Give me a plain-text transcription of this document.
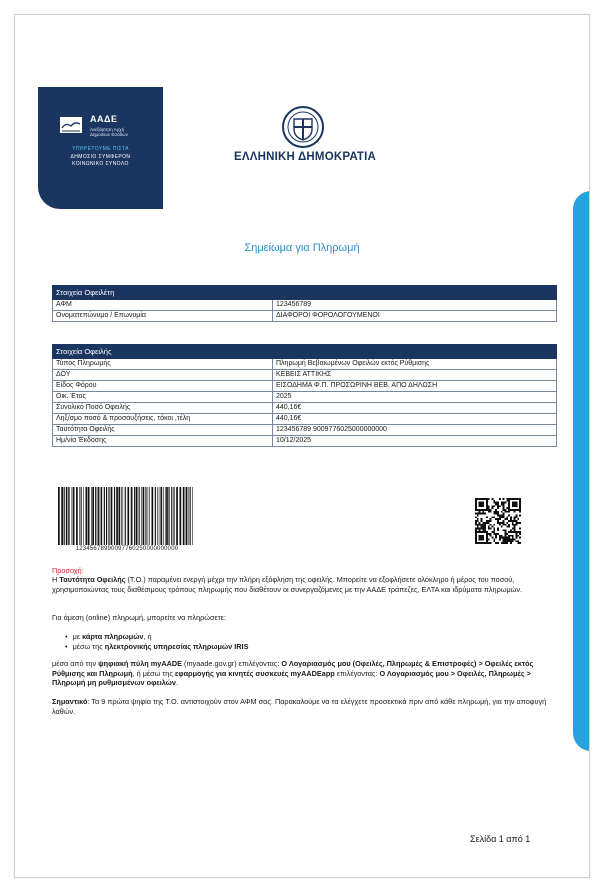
ΑΑΔΕ
Ανεξάρτητη Αρχή
Δημοσίων Εσόδων
ΥΠΗΡΕΤΟΥΜΕ ΠΙΣΤΑ
ΔΗΜΟΣΙΟ ΣΥΜΦΕΡΟΝ
ΚΟΙΝΩΝΙΚΟ ΣΥΝΟΛΟ
ΕΛΛΗΝΙΚΗ ΔΗΜΟΚΡΑΤΙΑ
Σημείωμα για Πληρωμή
Στοιχεία Οφειλέτη	
ΑΦΜ	123456789
Ονοματεπώνυμο / Επωνυμία	ΔΙΑΦΟΡΟΙ ΦΟΡΟΛΟΓΟΥΜΕΝΟΙ
Στοιχεία Οφειλής	
Τύπος Πληρωμής	Πληρωμή Βεβαιωμένων Οφειλών εκτός Ρύθμισης
ΔΟΥ	ΚΕΒΕΙΣ ΑΤΤΙΚΗΣ
Είδος Φόρου	ΕΙΣΟΔΗΜΑ Φ.Π. ΠΡΟΣΩΡΙΝΗ ΒΕΒ. ΑΠΟ ΔΗΛΩΣΗ
Οικ. Έτος	2025
Συνολικό Ποσό Οφειλής	440,16€
Ληξ/σμο ποσό & προσαυξήσεις, τόκοι ,τέλη	440,16€
Ταυτότητα Οφειλής	123456789 9009776025000000000
Ημ/νία Έκδοσης	10/12/2025
12345678990097760250000000000
Προσοχή:
Η Ταυτότητα Οφειλής (Τ.Ο.) παραμένει ενεργή μέχρι την πλήρη εξόφληση της οφειλής. Μπορείτε να εξοφλήσετε ολόκληρο ή μέρος του ποσού, χρησιμοποιώντας τους διαθέσιμους τρόπους πληρωμής που διαθέτουν οι συνεργαζόμενες με την ΑΑΔΕ τράπεζες, ΕΛΤΑ και ιδρύματα πληρωμών.
Για άμεση (online) πληρωμή, μπορείτε να πληρώσετε:
• με κάρτα πληρωμών, ή
• μέσω της ηλεκτρονικής υπηρεσίας πληρωμών IRIS
μέσα από την ψηφιακή πύλη myAADE (myaade.gov.gr) επιλέγοντας: Ο Λογαριασμός μου (Οφειλές, Πληρωμές & Επιστροφές) > Οφειλές εκτός Ρύθμισης και Πληρωμή, ή μέσω της εφαρμογής για κινητές συσκευές myAADEapp επιλέγοντας: Ο Λογαριασμός μου > Οφειλές, Πληρωμές > Πληρωμή μη ρυθμισμένων οφειλών.
Σημαντικό: Τα 9 πρώτα ψηφία της Τ.Ο. αντιστοιχούν στον ΑΦΜ σας. Παρακαλούμε να τα ελέγχετε προσεκτικά πριν από κάθε πληρωμή, για την αποφυγή λαθών.
Σελίδα 1 από 1
